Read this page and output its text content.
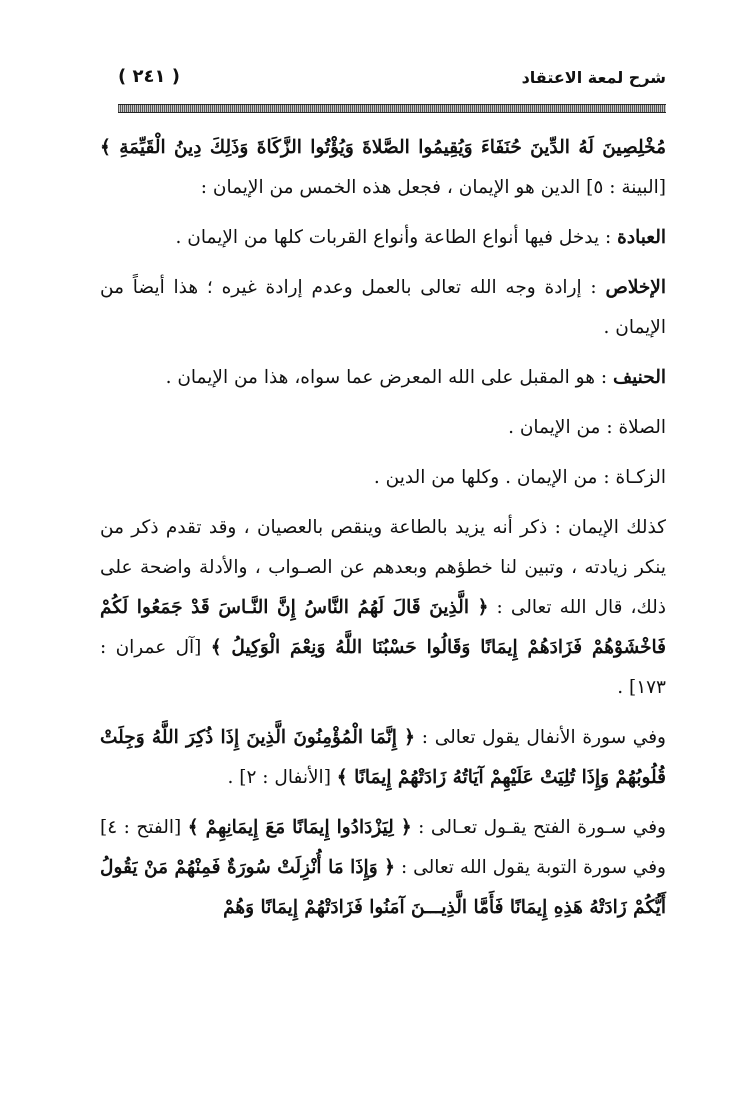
شرح لمعة الاعتقاد
( ٢٤١ )

مُخْلِصِينَ لَهُ الدِّينَ حُنَفَاءَ وَيُقِيمُوا الصَّلاةَ وَيُؤْتُوا الزَّكَاةَ وَذَلِكَ دِينُ الْقَيِّمَةِ ﴾ [البينة : ٥] الدين هو الإيمان ، فجعل هذه الخمس من الإيمان :

العبادة : يدخل فيها أنواع الطاعة وأنواع القربات كلها من الإيمان .

الإخلاص : إرادة وجه الله تعالى بالعمل وعدم إرادة غيره ؛ هذا أيضاً من الإيمان .

الحنيف : هو المقبل على الله المعرض عما سواه، هذا من الإيمان .

الصلاة : من الإيمان .

الزكـاة : من الإيمان . وكلها من الدين .

كذلك الإيمان : ذكر أنه يزيد بالطاعة وينقص بالعصيان ، وقد تقدم ذكر من ينكر زيادته ، وتبين لنا خطؤهم وبعدهم عن الصـواب ، والأدلة واضحة على ذلك، قال الله تعالى : ﴿ الَّذِينَ قَالَ لَهُمُ النَّاسُ إِنَّ النَّـاسَ قَدْ جَمَعُوا لَكُمْ فَاخْشَوْهُمْ فَزَادَهُمْ إِيمَانًا وَقَالُوا حَسْبُنَا اللَّهُ وَنِعْمَ الْوَكِيلُ ﴾ [آل عمران : ١٧٣] .

وفي سورة الأنفال يقول تعالى : ﴿ إِنَّمَا الْمُؤْمِنُونَ الَّذِينَ إِذَا ذُكِرَ اللَّهُ وَجِلَتْ قُلُوبُهُمْ وَإِذَا تُلِيَتْ عَلَيْهِمْ آيَاتُهُ زَادَتْهُمْ إِيمَانًا ﴾ [الأنفال : ٢] .

وفي سـورة الفتح يقـول تعـالى : ﴿ لِيَزْدَادُوا إِيمَانًا مَعَ إِيمَانِهِمْ ﴾ [الفتح : ٤] وفي سورة التوبة يقول الله تعالى : ﴿ وَإِذَا مَا أُنْزِلَتْ سُورَةٌ فَمِنْهُمْ مَنْ يَقُولُ أَيُّكُمْ زَادَتْهُ هَذِهِ إِيمَانًا فَأَمَّا الَّذِيـــنَ آمَنُوا فَزَادَتْهُمْ إِيمَانًا وَهُمْ
